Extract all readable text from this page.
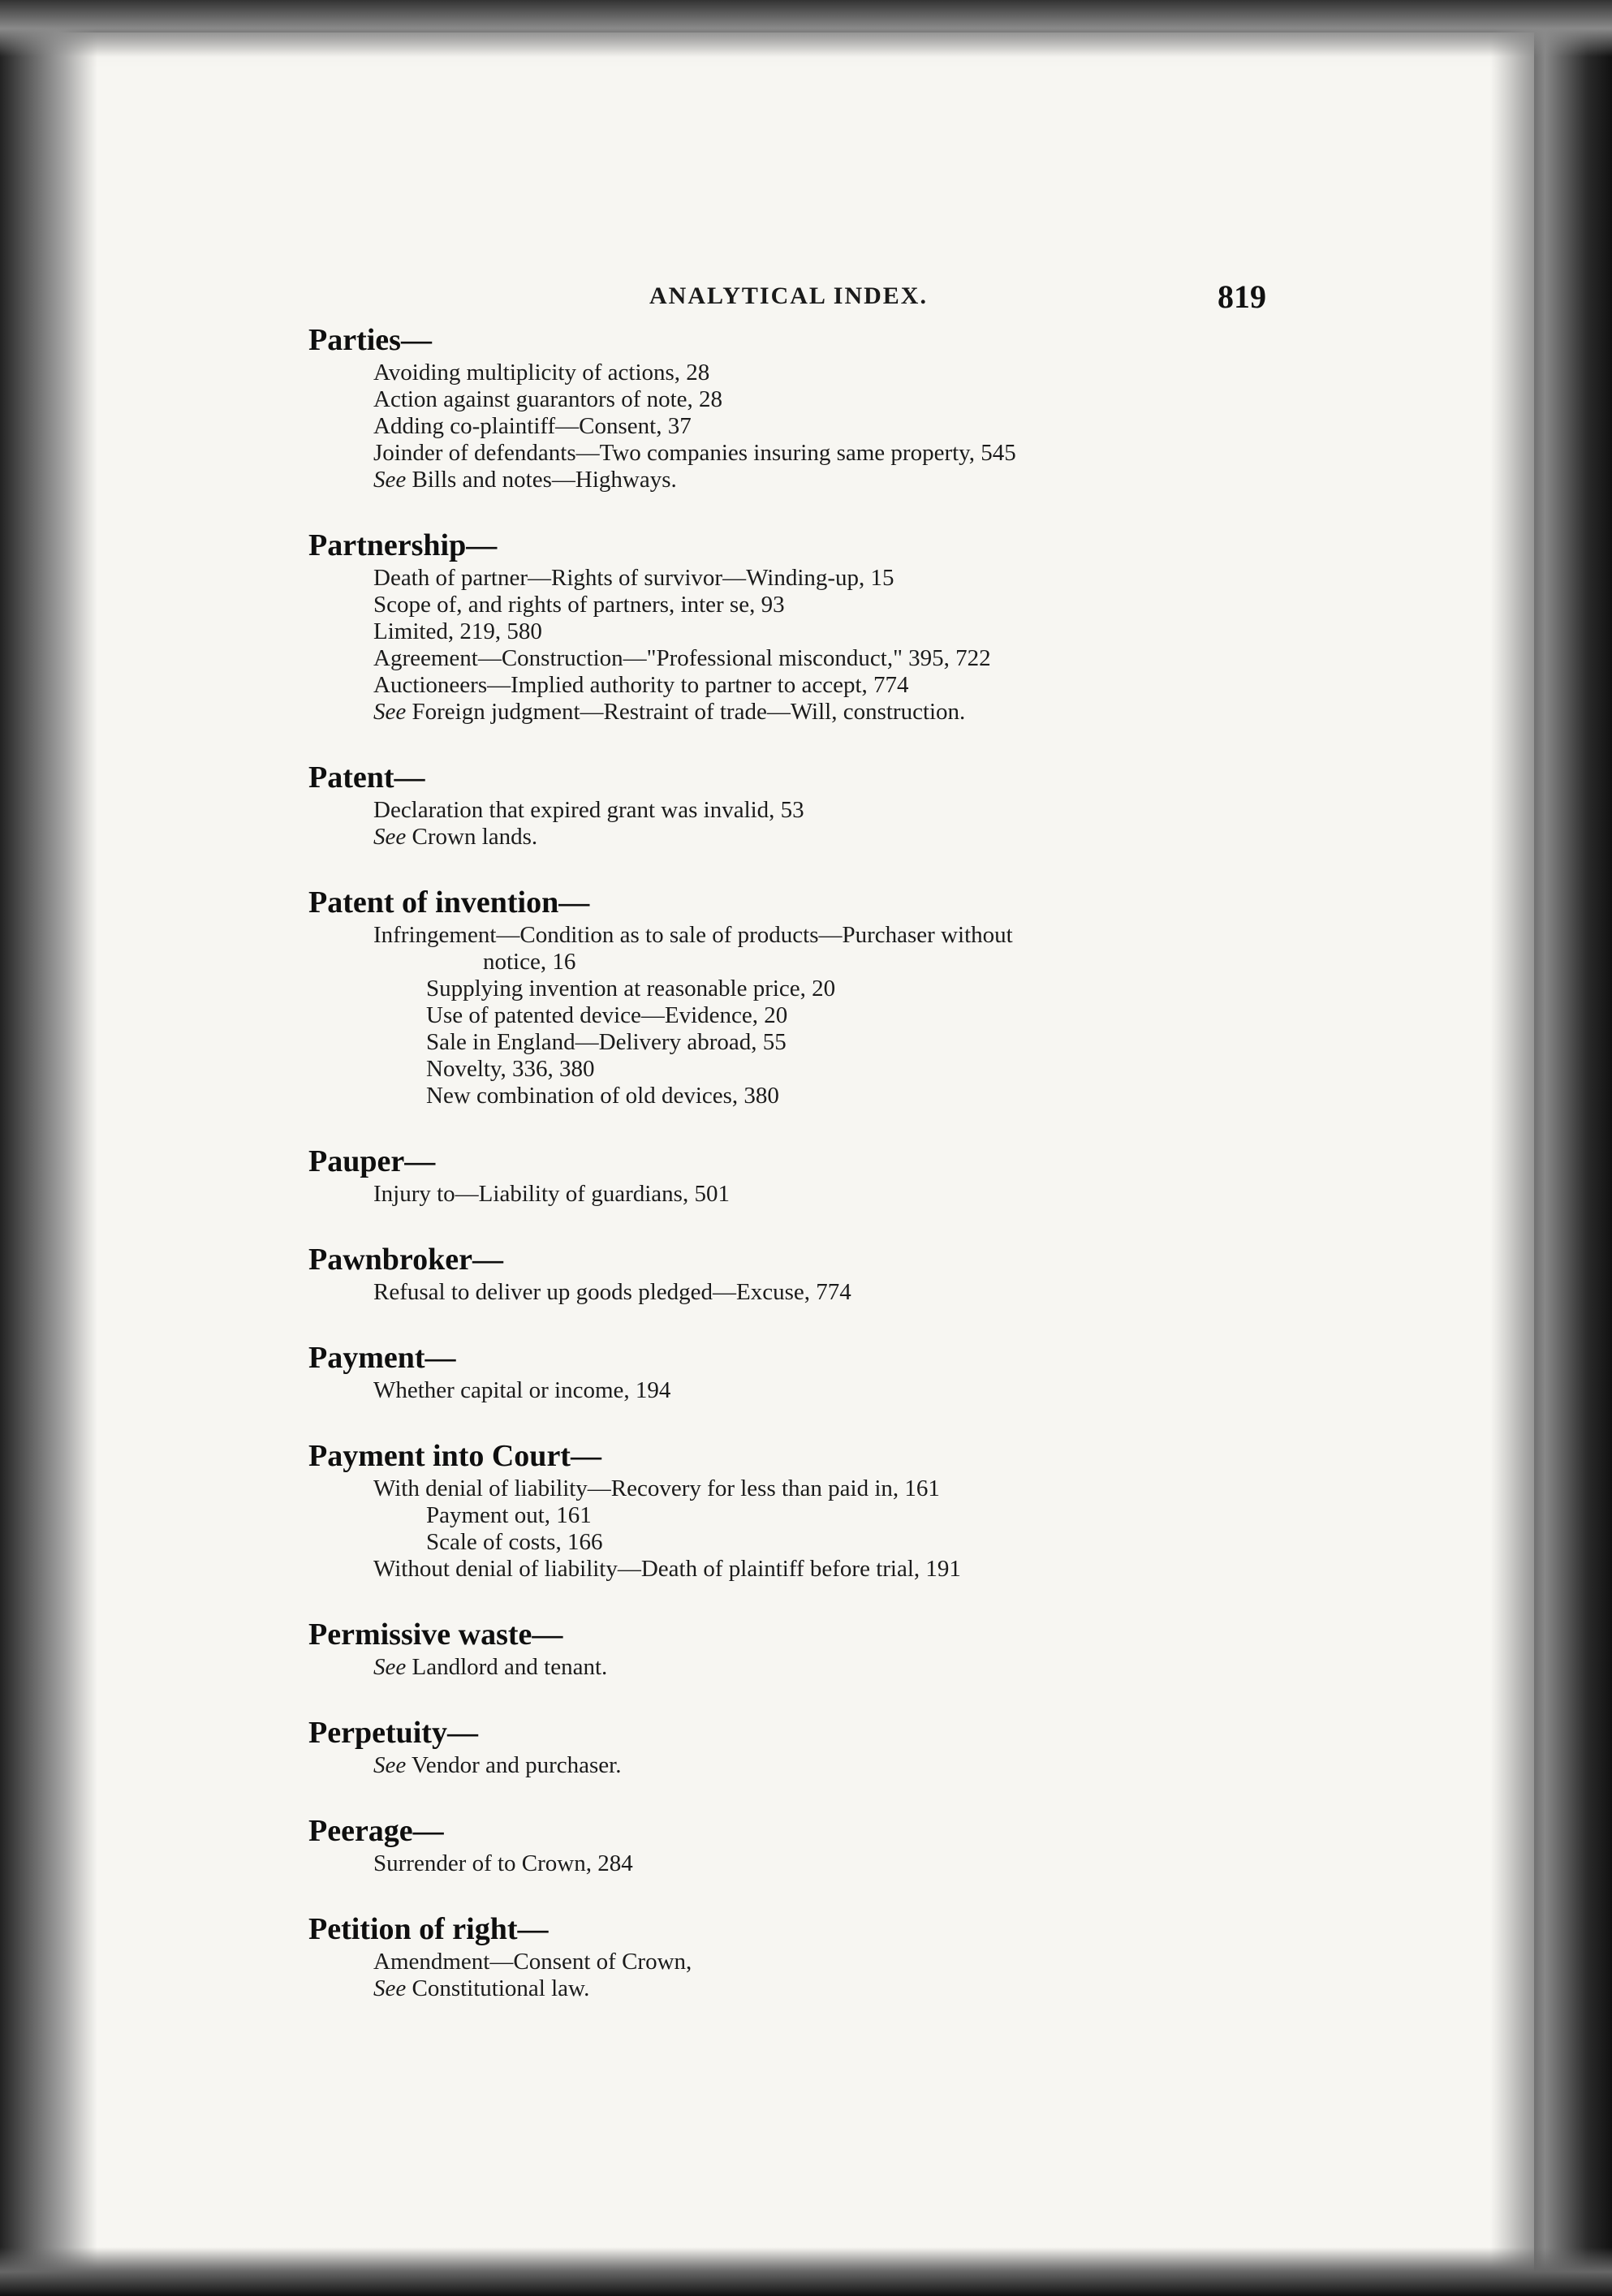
ANALYTICAL INDEX.	819
Parties—
Avoiding multiplicity of actions, 28
Action against guarantors of note, 28
Adding co-plaintiff—Consent, 37
Joinder of defendants—Two companies insuring same property, 545
See Bills and notes—Highways.
Partnership—
Death of partner—Rights of survivor—Winding-up, 15
Scope of, and rights of partners, inter se, 93
Limited, 219, 580
Agreement—Construction—"Professional misconduct," 395, 722
Auctioneers—Implied authority to partner to accept, 774
See Foreign judgment—Restraint of trade—Will, construction.
Patent—
Declaration that expired grant was invalid, 53
See Crown lands.
Patent of invention—
Infringement—Condition as to sale of products—Purchaser without
notice, 16
Supplying invention at reasonable price, 20
Use of patented device—Evidence, 20
Sale in England—Delivery abroad, 55
Novelty, 336, 380
New combination of old devices, 380
Pauper—
Injury to—Liability of guardians, 501
Pawnbroker—
Refusal to deliver up goods pledged—Excuse, 774
Payment—
Whether capital or income, 194
Payment into Court—
With denial of liability—Recovery for less than paid in, 161
Payment out, 161
Scale of costs, 166
Without denial of liability—Death of plaintiff before trial, 191
Permissive waste—
See Landlord and tenant.
Perpetuity—
See Vendor and purchaser.
Peerage—
Surrender of to Crown, 284
Petition of right—
Amendment—Consent of Crown,
See Constitutional law.
